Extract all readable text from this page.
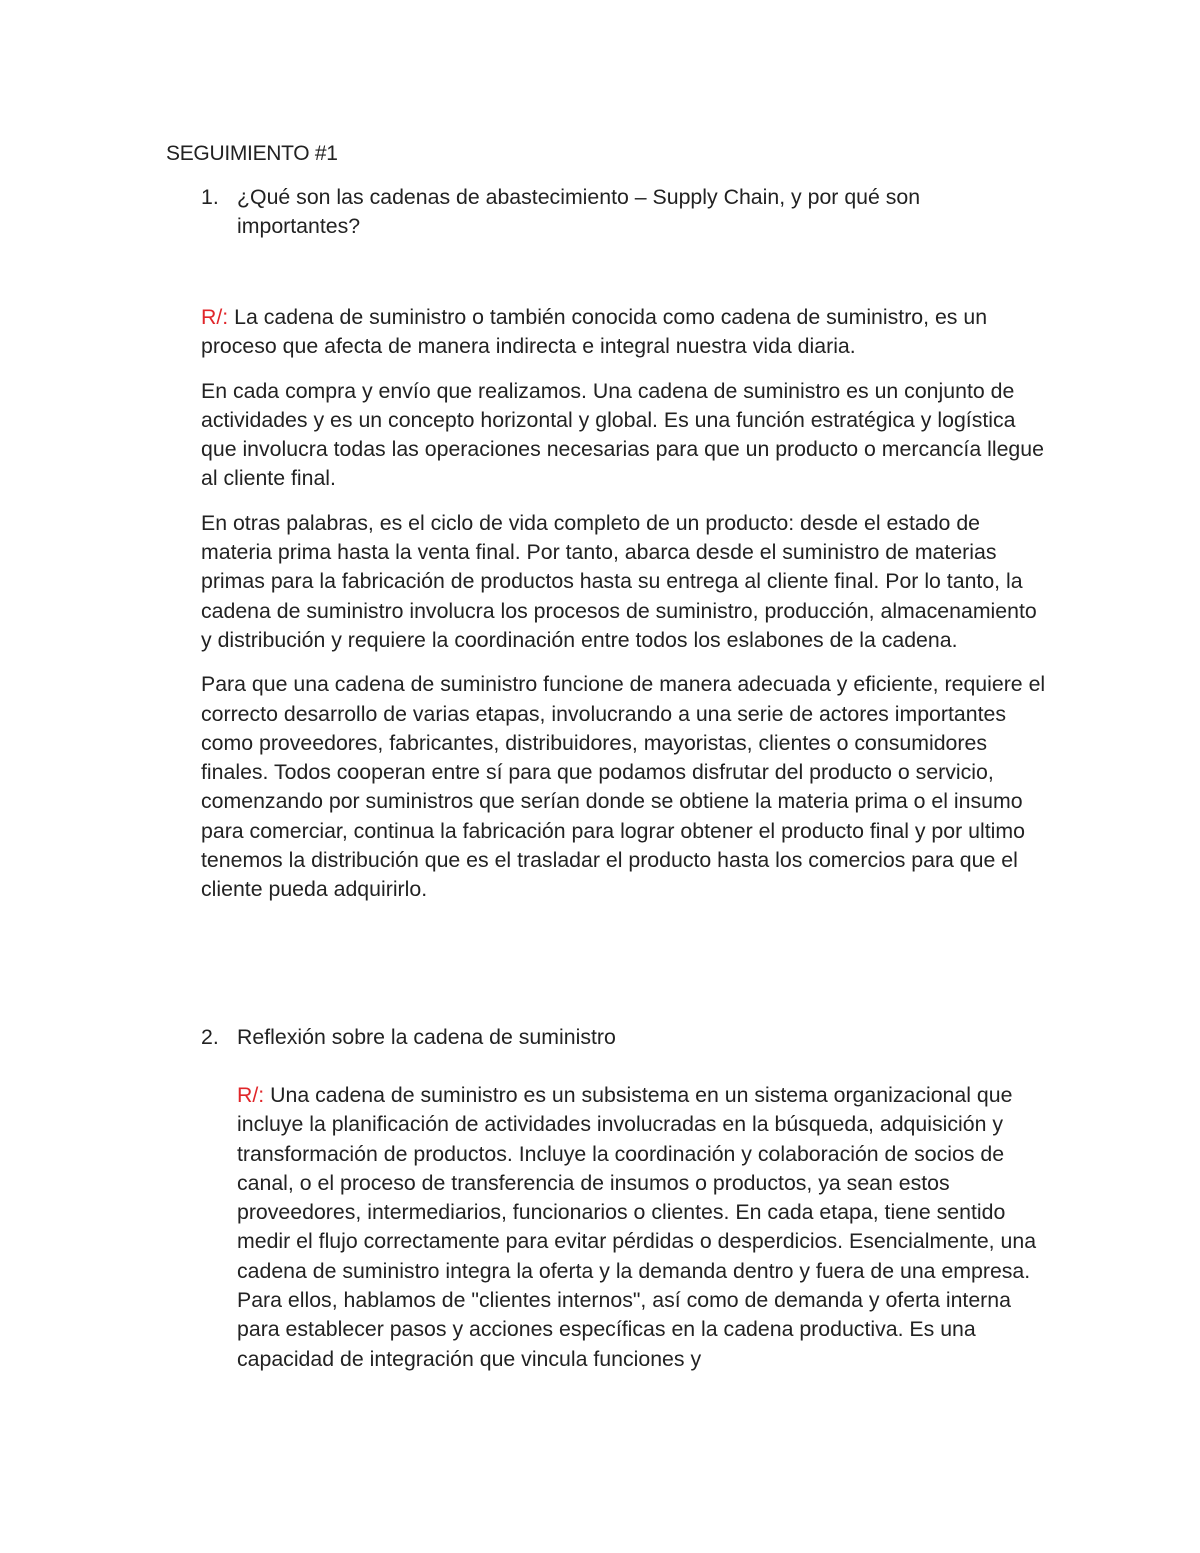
SEGUIMIENTO #1
1. ¿Qué son las cadenas de abastecimiento – Supply Chain, y por qué son importantes?

R/: La cadena de suministro o también conocida como cadena de suministro, es un proceso que afecta de manera indirecta e integral nuestra vida diaria.

En cada compra y envío que realizamos. Una cadena de suministro es un conjunto de actividades y es un concepto horizontal y global. Es una función estratégica y logística que involucra todas las operaciones necesarias para que un producto o mercancía llegue al cliente final.

En otras palabras, es el ciclo de vida completo de un producto: desde el estado de materia prima hasta la venta final. Por tanto, abarca desde el suministro de materias primas para la fabricación de productos hasta su entrega al cliente final. Por lo tanto, la cadena de suministro involucra los procesos de suministro, producción, almacenamiento y distribución y requiere la coordinación entre todos los eslabones de la cadena.

Para que una cadena de suministro funcione de manera adecuada y eficiente, requiere el correcto desarrollo de varias etapas, involucrando a una serie de actores importantes como proveedores, fabricantes, distribuidores, mayoristas, clientes o consumidores finales. Todos cooperan entre sí para que podamos disfrutar del producto o servicio, comenzando por suministros que serían donde se obtiene la materia prima o el insumo para comerciar, continua la fabricación para lograr obtener el producto final y por ultimo tenemos la distribución que es el trasladar el producto hasta los comercios para que el cliente pueda adquirirlo.

2. Reflexión sobre la cadena de suministro

R/: Una cadena de suministro es un subsistema en un sistema organizacional que incluye la planificación de actividades involucradas en la búsqueda, adquisición y transformación de productos. Incluye la coordinación y colaboración de socios de canal, o el proceso de transferencia de insumos o productos, ya sean estos proveedores, intermediarios, funcionarios o clientes. En cada etapa, tiene sentido medir el flujo correctamente para evitar pérdidas o desperdicios. Esencialmente, una cadena de suministro integra la oferta y la demanda dentro y fuera de una empresa. Para ellos, hablamos de "clientes internos", así como de demanda y oferta interna para establecer pasos y acciones específicas en la cadena productiva. Es una capacidad de integración que vincula funciones y
